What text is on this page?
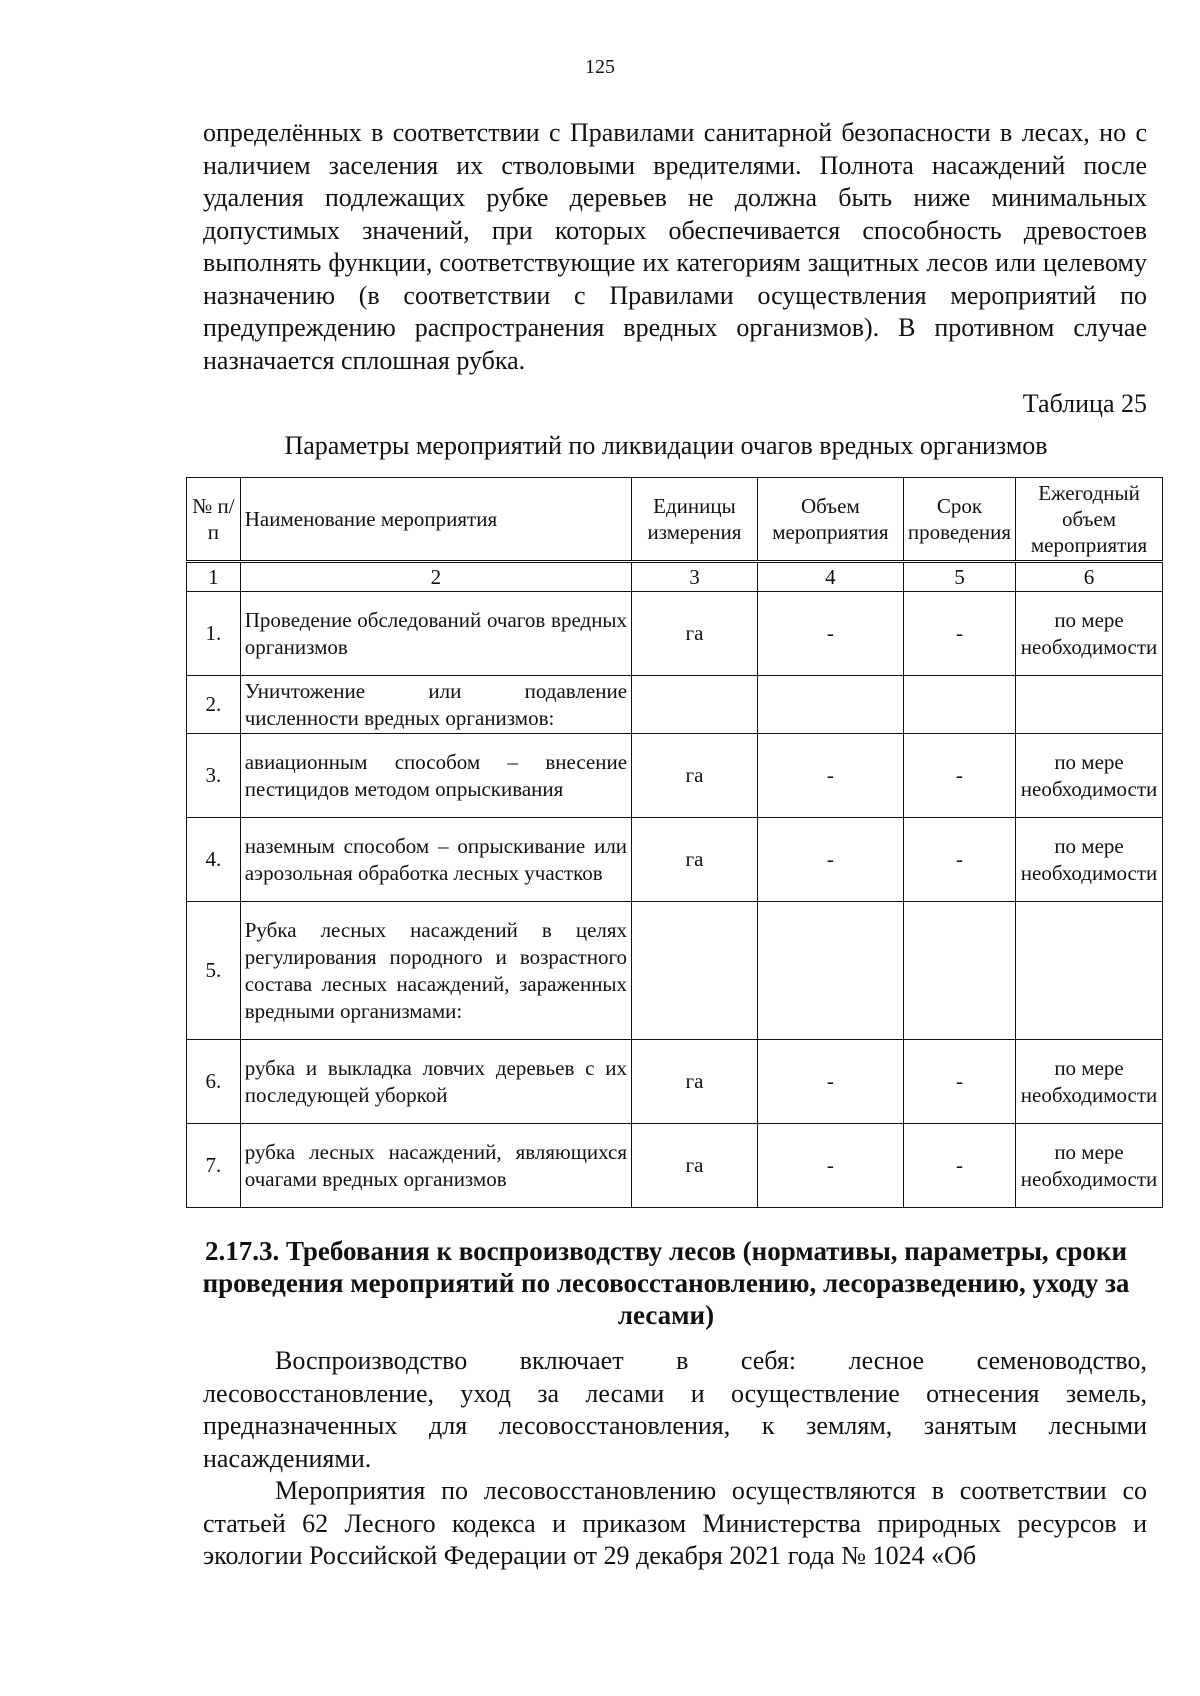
125

определённых в соответствии с Правилами санитарной безопасности в лесах, но с наличием заселения их стволовыми вредителями. Полнота насаждений после удаления подлежащих рубке деревьев не должна быть ниже минимальных допустимых значений, при которых обеспечивается способность древостоев выполнять функции, соответствующие их категориям защитных лесов или целевому назначению (в соответствии с Правилами осуществления мероприятий по предупреждению распространения вредных организмов). В противном случае назначается сплошная рубка.

Таблица 25
Параметры мероприятий по ликвидации очагов вредных организмов
№ п/п	Наименование мероприятия	Единицы измерения	Объем мероприятия	Срок проведения	Ежегодный объем мероприятия
1	2	3	4	5	6
1.	Проведение обследований очагов вредных организмов	га	-	-	по мере необходимости
2.	Уничтожение или подавление численности вредных организмов:				
3.	авиационным способом – внесение пестицидов методом опрыскивания	га	-	-	по мере необходимости
4.	наземным способом – опрыскивание или аэрозольная обработка лесных участков	га	-	-	по мере необходимости
5.	Рубка лесных насаждений в целях регулирования породного и возрастного состава лесных насаждений, зараженных вредными организмами:				
6.	рубка и выкладка ловчих деревьев с их последующей уборкой	га	-	-	по мере необходимости
7.	рубка лесных насаждений, являющихся очагами вредных организмов	га	-	-	по мере необходимости
2.17.3. Требования к воспроизводству лесов (нормативы, параметры, сроки проведения мероприятий по лесовосстановлению, лесоразведению, уходу за лесами)

Воспроизводство включает в себя: лесное семеноводство, лесовосстановление, уход за лесами и осуществление отнесения земель, предназначенных для лесовосстановления, к землям, занятым лесными насаждениями.

Мероприятия по лесовосстановлению осуществляются в соответствии со статьей 62 Лесного кодекса и приказом Министерства природных ресурсов и экологии Российской Федерации от 29 декабря 2021 года № 1024 «Об
